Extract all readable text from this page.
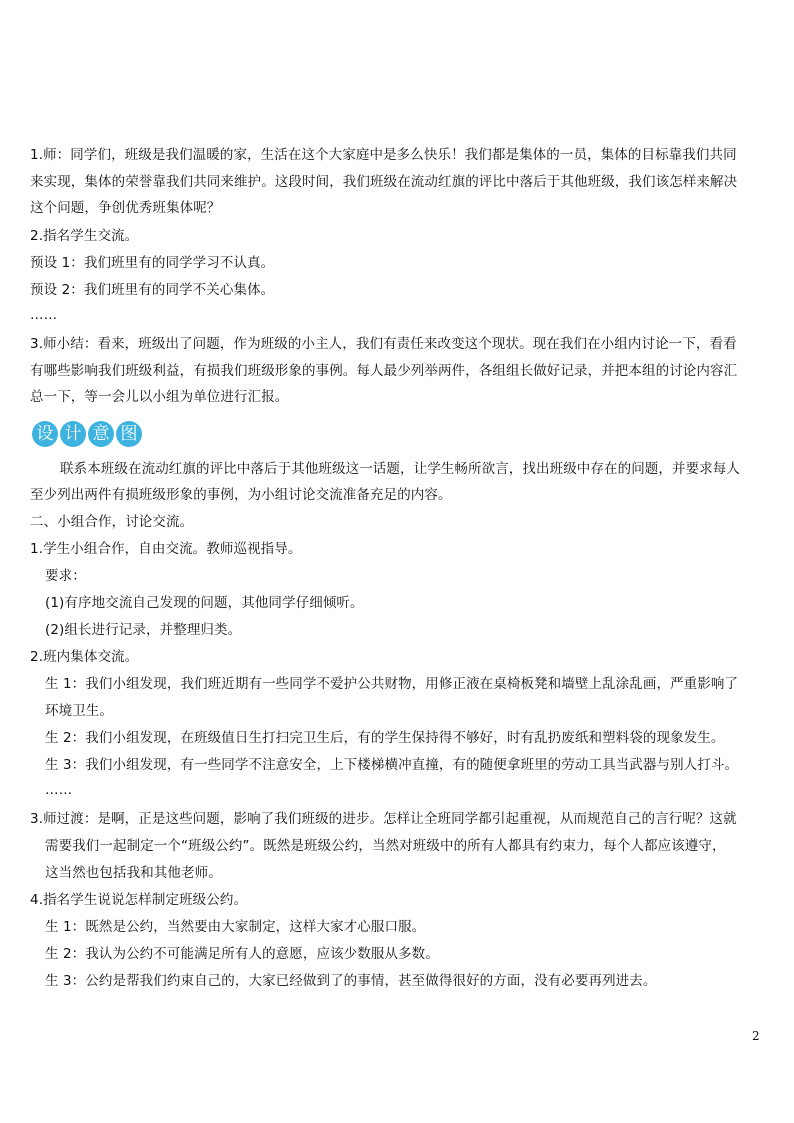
1.师：同学们，班级是我们温暖的家，生活在这个大家庭中是多么快乐！我们都是集体的一员，集体的目标靠我们共同
来实现，集体的荣誉靠我们共同来维护。这段时间，我们班级在流动红旗的评比中落后于其他班级，我们该怎样来解决
这个问题，争创优秀班集体呢？
2.指名学生交流。
预设 1：我们班里有的同学学习不认真。
预设 2：我们班里有的同学不关心集体。
……
3.师小结：看来，班级出了问题，作为班级的小主人，我们有责任来改变这个现状。现在我们在小组内讨论一下，看看
有哪些影响我们班级利益，有损我们班级形象的事例。每人最少列举两件，各组组长做好记录，并把本组的讨论内容汇
总一下，等一会儿以小组为单位进行汇报。
设 计 意 图
联系本班级在流动红旗的评比中落后于其他班级这一话题，让学生畅所欲言，找出班级中存在的问题，并要求每人
至少列出两件有损班级形象的事例，为小组讨论交流准备充足的内容。
二、小组合作，讨论交流。
1.学生小组合作，自由交流。教师巡视指导。
要求：
(1)有序地交流自己发现的问题，其他同学仔细倾听。
(2)组长进行记录，并整理归类。
2.班内集体交流。
生 1：我们小组发现，我们班近期有一些同学不爱护公共财物，用修正液在桌椅板凳和墙壁上乱涂乱画，严重影响了
环境卫生。
生 2：我们小组发现，在班级值日生打扫完卫生后，有的学生保持得不够好，时有乱扔废纸和塑料袋的现象发生。
生 3：我们小组发现，有一些同学不注意安全，上下楼梯横冲直撞，有的随便拿班里的劳动工具当武器与别人打斗。
……
3.师过渡：是啊，正是这些问题，影响了我们班级的进步。怎样让全班同学都引起重视，从而规范自己的言行呢？这就
需要我们一起制定一个“班级公约”。既然是班级公约，当然对班级中的所有人都具有约束力，每个人都应该遵守，
这当然也包括我和其他老师。
4.指名学生说说怎样制定班级公约。
生 1：既然是公约，当然要由大家制定，这样大家才心服口服。
生 2：我认为公约不可能满足所有人的意愿，应该少数服从多数。
生 3：公约是帮我们约束自己的，大家已经做到了的事情，甚至做得很好的方面，没有必要再列进去。
2
